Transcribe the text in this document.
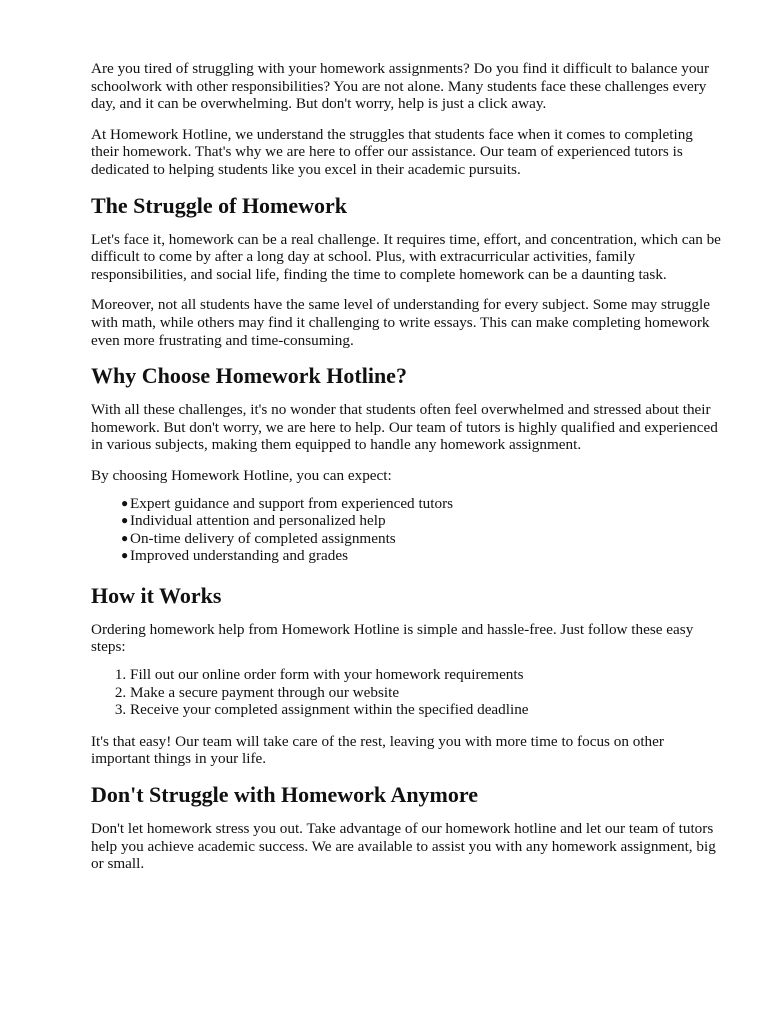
Are you tired of struggling with your homework assignments? Do you find it difficult to balance your schoolwork with other responsibilities? You are not alone. Many students face these challenges every day, and it can be overwhelming. But don't worry, help is just a click away.

At Homework Hotline, we understand the struggles that students face when it comes to completing their homework. That's why we are here to offer our assistance. Our team of experienced tutors is dedicated to helping students like you excel in their academic pursuits.

The Struggle of Homework

Let's face it, homework can be a real challenge. It requires time, effort, and concentration, which can be difficult to come by after a long day at school. Plus, with extracurricular activities, family responsibilities, and social life, finding the time to complete homework can be a daunting task.

Moreover, not all students have the same level of understanding for every subject. Some may struggle with math, while others may find it challenging to write essays. This can make completing homework even more frustrating and time-consuming.

Why Choose Homework Hotline?

With all these challenges, it's no wonder that students often feel overwhelmed and stressed about their homework. But don't worry, we are here to help. Our team of tutors is highly qualified and experienced in various subjects, making them equipped to handle any homework assignment.

By choosing Homework Hotline, you can expect:

● Expert guidance and support from experienced tutors
● Individual attention and personalized help
● On-time delivery of completed assignments
● Improved understanding and grades
How it Works

Ordering homework help from Homework Hotline is simple and hassle-free. Just follow these easy steps:

1. Fill out our online order form with your homework requirements
2. Make a secure payment through our website
3. Receive your completed assignment within the specified deadline

It's that easy! Our team will take care of the rest, leaving you with more time to focus on other important things in your life.

Don't Struggle with Homework Anymore

Don't let homework stress you out. Take advantage of our homework hotline and let our team of tutors help you achieve academic success. We are available to assist you with any homework assignment, big or small.
